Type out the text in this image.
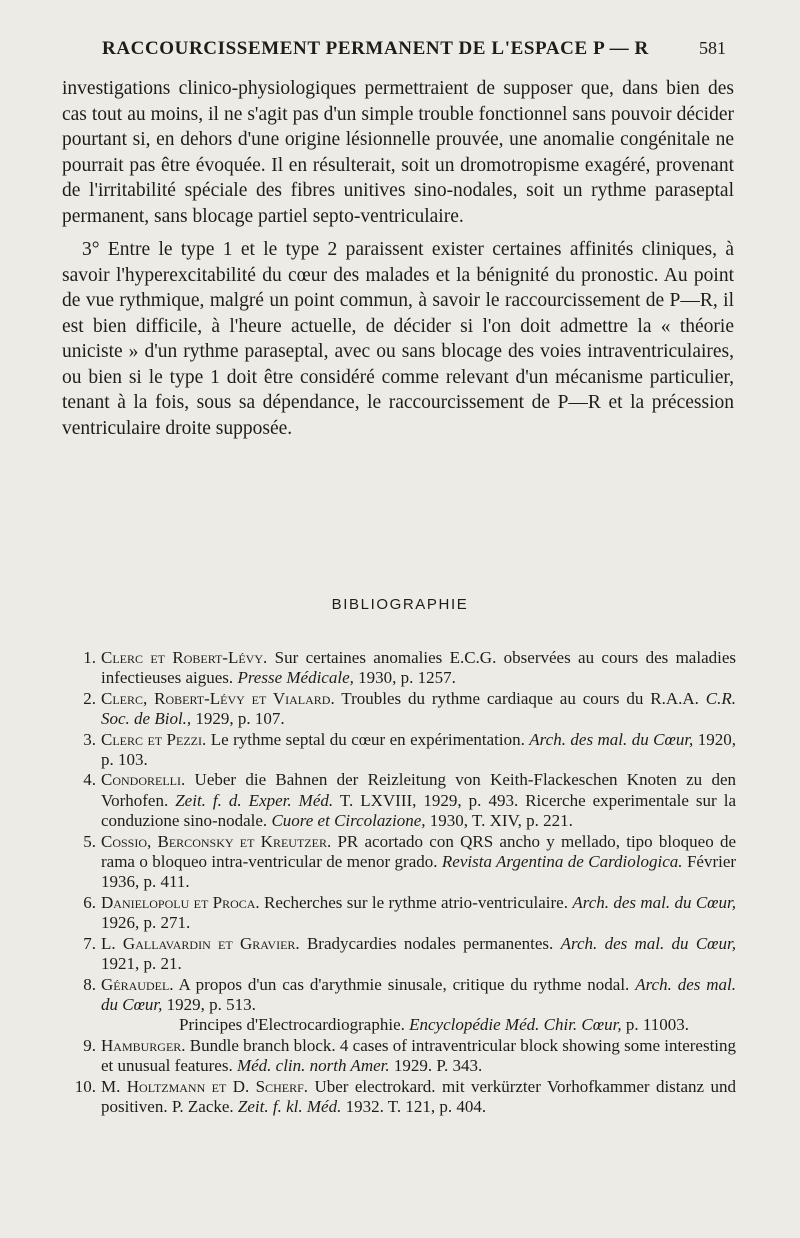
RACCOURCISSEMENT PERMANENT DE L'ESPACE P — R	581

investigations clinico-physiologiques permettraient de supposer que, dans bien des cas tout au moins, il ne s'agit pas d'un simple trouble fonctionnel sans pouvoir décider pourtant si, en dehors d'une origine lésionnelle prouvée, une anomalie congénitale ne pourrait pas être évoquée. Il en résulterait, soit un dromotropisme exagéré, provenant de l'irritabilité spéciale des fibres unitives sino-nodales, soit un rythme paraseptal permanent, sans blocage partiel septo-ventriculaire.

3° Entre le type 1 et le type 2 paraissent exister certaines affinités cliniques, à savoir l'hyperexcitabilité du cœur des malades et la bénignité du pronostic. Au point de vue rythmique, malgré un point commun, à savoir le raccourcissement de P—R, il est bien difficile, à l'heure actuelle, de décider si l'on doit admettre la « théorie uniciste » d'un rythme paraseptal, avec ou sans blocage des voies intraventriculaires, ou bien si le type 1 doit être considéré comme relevant d'un mécanisme particulier, tenant à la fois, sous sa dépendance, le raccourcissement de P—R et la précession ventriculaire droite supposée.

BIBLIOGRAPHIE
1. Clerc et Robert-Lévy. Sur certaines anomalies E.C.G. observées au cours des maladies infectieuses aigues. Presse Médicale, 1930, p. 1257.
2. Clerc, Robert-Lévy et Vialard. Troubles du rythme cardiaque au cours du R.A.A. C.R. Soc. de Biol., 1929, p. 107.
3. Clerc et Pezzi. Le rythme septal du cœur en expérimentation. Arch. des mal. du Cœur, 1920, p. 103.
4. Condorelli. Ueber die Bahnen der Reizleitung von Keith-Flackeschen Knoten zu den Vorhofen. Zeit. f. d. Exper. Méd. T. LXVIII, 1929, p. 493. Ricerche experimentale sur la conduzione sino-nodale. Cuore et Circolazione, 1930, T. XIV, p. 221.
5. Cossio, Berconsky et Kreutzer. PR acortado con QRS ancho y mellado, tipo bloqueo de rama o bloqueo intra-ventricular de menor grado. Revista Argentina de Cardiologica. Février 1936, p. 411.
6. Danielopolu et Proca. Recherches sur le rythme atrio-ventriculaire. Arch. des mal. du Cœur, 1926, p. 271.
7. L. Gallavardin et Gravier. Bradycardies nodales permanentes. Arch. des mal. du Cœur, 1921, p. 21.
8. Géraudel. A propos d'un cas d'arythmie sinusale, critique du rythme nodal. Arch. des mal. du Cœur, 1929, p. 513.
Principes d'Electrocardiographie. Encyclopédie Méd. Chir. Cœur, p. 11003.
9. Hamburger. Bundle branch block. 4 cases of intraventricular block showing some interesting et unusual features. Méd. clin. north Amer. 1929. P. 343.
10. M. Holtzmann et D. Scherf. Uber electrokard. mit verkürzter Vorhofkammer distanz und positiven. P. Zacke. Zeit. f. kl. Méd. 1932. T. 121, p. 404.
